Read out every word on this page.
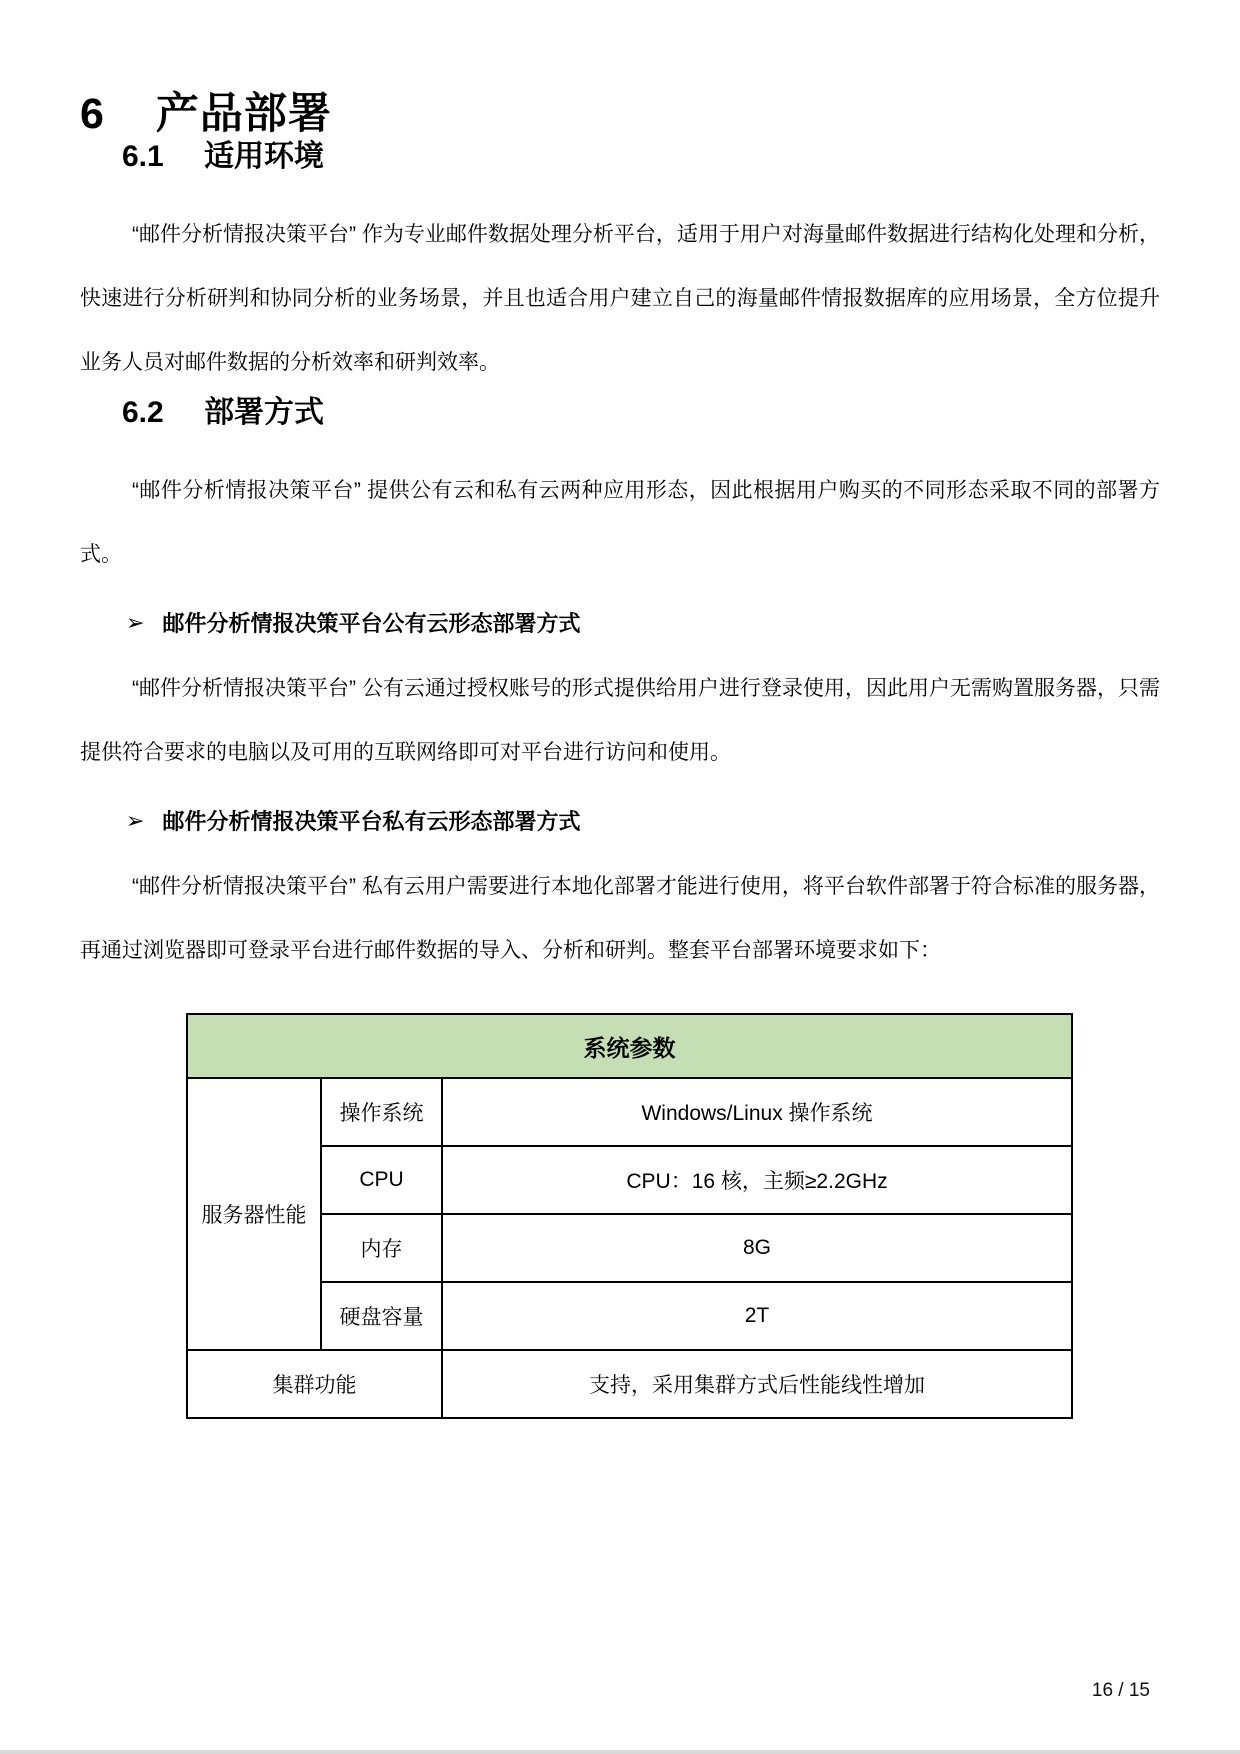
6 产品部署
6.1 适用环境

“邮件分析情报决策平台” 作为专业邮件数据处理分析平台，适用于用户对海量邮件数据进行结构化处理和分析，快速进行分析研判和协同分析的业务场景，并且也适合用户建立自己的海量邮件情报数据库的应用场景，全方位提升业务人员对邮件数据的分析效率和研判效率。

6.2 部署方式

“邮件分析情报决策平台” 提供公有云和私有云两种应用形态，因此根据用户购买的不同形态采取不同的部署方式。

➢ 邮件分析情报决策平台公有云形态部署方式

“邮件分析情报决策平台” 公有云通过授权账号的形式提供给用户进行登录使用，因此用户无需购置服务器，只需提供符合要求的电脑以及可用的互联网络即可对平台进行访问和使用。

➢ 邮件分析情报决策平台私有云形态部署方式

“邮件分析情报决策平台” 私有云用户需要进行本地化部署才能进行使用，将平台软件部署于符合标准的服务器，再通过浏览器即可登录平台进行邮件数据的导入、分析和研判。整套平台部署环境要求如下：

系统参数		
服务器性能	操作系统	Windows/Linux 操作系统
	CPU	CPU：16 核，主频≥2.2GHz
	内存	8G
	硬盘容量	2T
集群功能		支持，采用集群方式后性能线性增加
16 / 15
